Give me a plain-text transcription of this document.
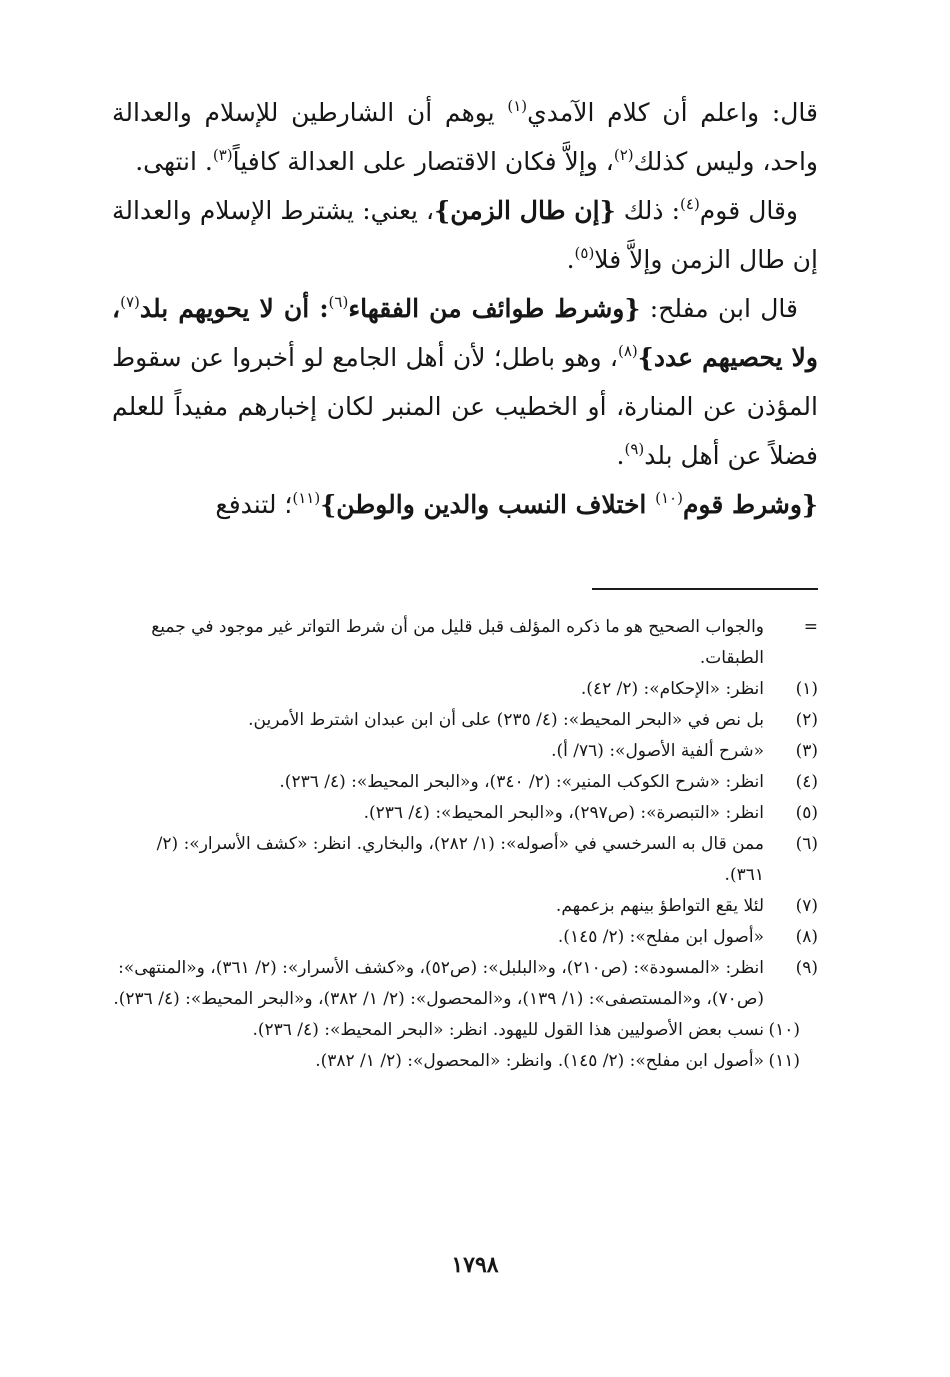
قال: واعلم أن كلام الآمدي$^{(١)}$ يوهم أن الشارطين للإسلام والعدالة واحد، وليس كذلك$^{(٢)}$، وإلاَّ فكان الاقتصار على العدالة كافياً$^{(٣)}$. انتهى.

وقال قوم$^{(٤)}$: ذلك {إن طال الزمن}، يعني: يشترط الإسلام والعدالة إن طال الزمن وإلاَّ فلا$^{(٥)}$.

قال ابن مفلح: {وشرط طوائف من الفقهاء$^{(٦)}$: أن لا يحويهم بلد$^{(٧)}$، ولا يحصيهم عدد}$^{(٨)}$، وهو باطل؛ لأن أهل الجامع لو أخبروا عن سقوط المؤذن عن المنارة، أو الخطيب عن المنبر لكان إخبارهم مفيداً للعلم فضلاً عن أهل بلد$^{(٩)}$.

{وشرط قوم$^{(١٠)}$ اختلاف النسب والدين والوطن}$^{(١١)}$؛ لتندفع

=
والجواب الصحيح هو ما ذكره المؤلف قبل قليل من أن شرط التواتر غير موجود في جميع الطبقات.

(١)
انظر: «الإحكام»: (٢/ ٤٢).

(٢)
بل نص في «البحر المحيط»: (٤/ ٢٣٥) على أن ابن عبدان اشترط الأمرين.

(٣)
«شرح ألفية الأصول»: (٧٦/ أ).

(٤)
انظر: «شرح الكوكب المنير»: (٢/ ٣٤٠)، و«البحر المحيط»: (٤/ ٢٣٦).

(٥)
انظر: «التبصرة»: (ص٢٩٧)، و«البحر المحيط»: (٤/ ٢٣٦).

(٦)
ممن قال به السرخسي في «أصوله»: (١/ ٢٨٢)، والبخاري. انظر: «كشف الأسرار»: (٢/ ٣٦١).

(٧)
لئلا يقع التواطؤ بينهم بزعمهم.

(٨)
«أصول ابن مفلح»: (٢/ ١٤٥).

(٩)
انظر: «المسودة»: (ص٢١٠)، و«البلبل»: (ص٥٢)، و«كشف الأسرار»: (٢/ ٣٦١)، و«المنتهى»: (ص٧٠)، و«المستصفى»: (١/ ١٣٩)، و«المحصول»: (٢/ ١/ ٣٨٢)، و«البحر المحيط»: (٤/ ٢٣٦).

(١٠)
نسب بعض الأصوليين هذا القول لليهود. انظر: «البحر المحيط»: (٤/ ٢٣٦).

(١١)
«أصول ابن مفلح»: (٢/ ١٤٥). وانظر: «المحصول»: (٢/ ١/ ٣٨٢).

١٧٩٨
